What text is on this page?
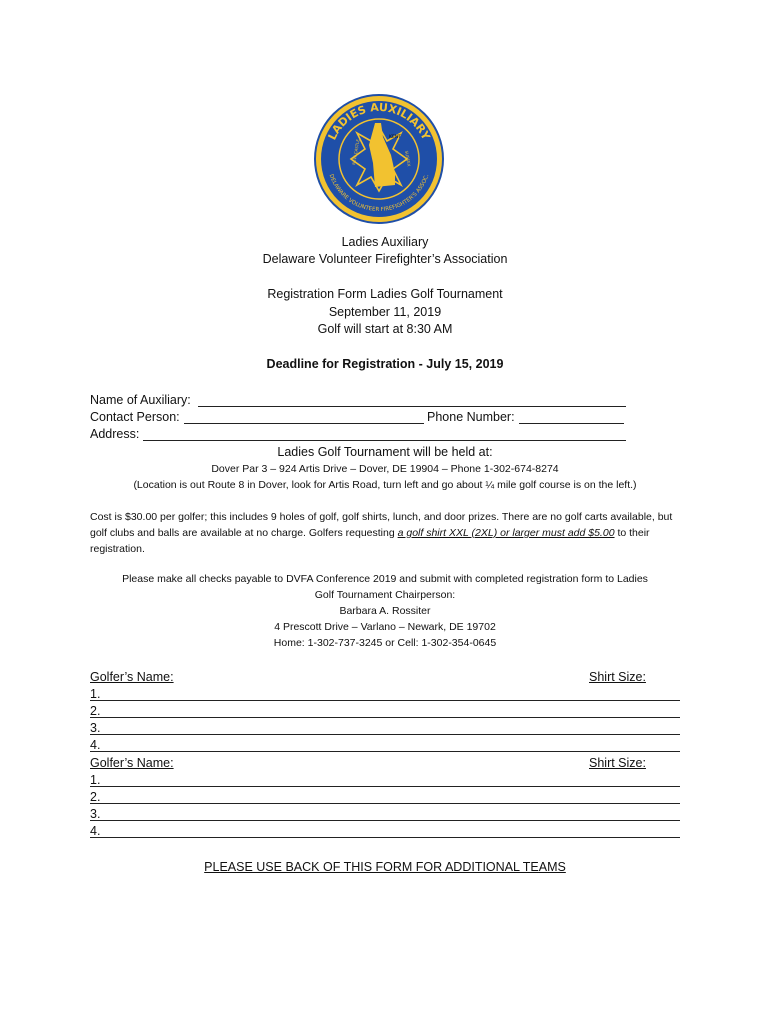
LADIES AUXILIARY
DELAWARE VOLUNTEER FIREFIGHTER'S ASSOC.
KENT
NEW CASTLE	SUSSEX
Ladies Auxiliary
Delaware Volunteer Firefighter’s Association
Registration Form Ladies Golf Tournament
September 11, 2019
Golf will start at 8:30 AM
Deadline for Registration - July 15, 2019
Name of Auxiliary:
Contact Person:	Phone Number:
Address:
Ladies Golf Tournament will be held at:
Dover Par 3 – 924 Artis Drive – Dover, DE 19904 – Phone 1-302-674-8274
(Location is out Route 8 in Dover, look for Artis Road, turn left and go about ¼ mile golf course is on the left.)
Cost is $30.00 per golfer; this includes 9 holes of golf, golf shirts, lunch, and door prizes. There are no golf carts available, but golf clubs and balls are available at no charge. Golfers requesting a golf shirt XXL (2XL) or larger must add $5.00 to their registration.
Please make all checks payable to DVFA Conference 2019 and submit with completed registration form to Ladies
Golf Tournament Chairperson:
Barbara A. Rossiter
4 Prescott Drive – Varlano – Newark, DE 19702
Home: 1-302-737-3245 or Cell: 1-302-354-0645
Golfer’s Name:	Shirt Size:
1.
2.
3.
4.
Golfer’s Name:	Shirt Size:
1.
2.
3.
4.
PLEASE USE BACK OF THIS FORM FOR ADDITIONAL TEAMS
